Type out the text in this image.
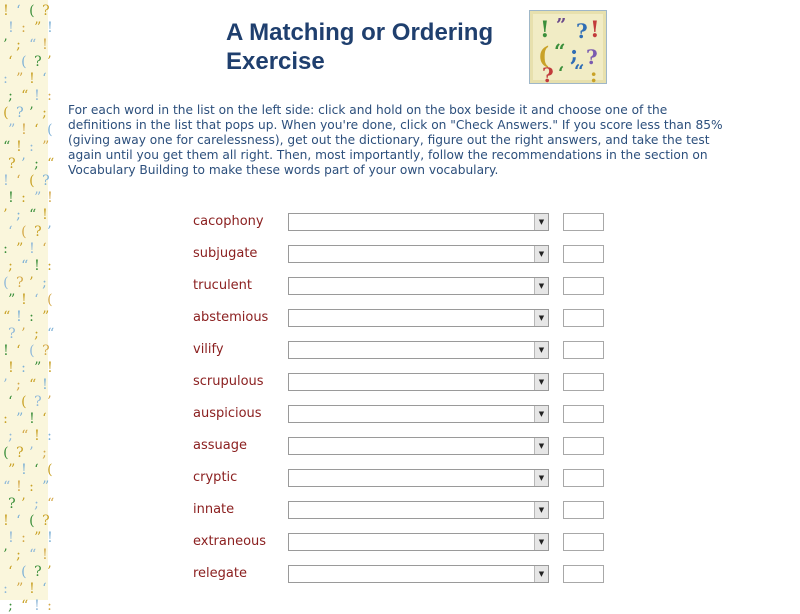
! ‘ ( ?
! : ” !
’ ; “ !
‘ ( ? ’
: ” ! ‘
; “ ! :
( ? ’ ;
” ! ‘ (
“ ! : ”
? ’ ; “
! ‘ ( ?
! : ” !
’ ; “ !
‘ ( ? ’
: ” ! ‘
; “ ! :
( ? ’ ;
” ! ‘ (
“ ! : ”
? ’ ; “
! ‘ ( ?
! : ” !
’ ; “ !
‘ ( ? ’
: ” ! ‘
; “ ! :
( ? ’ ;
” ! ‘ (
“ ! : ”
? ’ ; “
! ‘ ( ?
! : ” !
’ ; “ !
‘ ( ? ’
: ” ! ‘
; “ ! :
A Matching or Ordering Exercise
! ” ? !
( “ ; ?
? ‘ “ :

For each word in the list on the left side: click and hold on the box beside it and choose one of the definitions in the list that pops up. When you're done, click on "Check Answers." If you score less than 85% (giving away one for carelessness), get out the dictionary, figure out the right answers, and take the test again until you get them all right. Then, most importantly, follow the recommendations in the section on Vocabulary Building to make these words part of your own vocabulary.

cacophony	▼
subjugate	▼
truculent	▼
abstemious	▼
vilify	▼
scrupulous	▼
auspicious	▼
assuage	▼
cryptic	▼
innate	▼
extraneous	▼
relegate	▼
